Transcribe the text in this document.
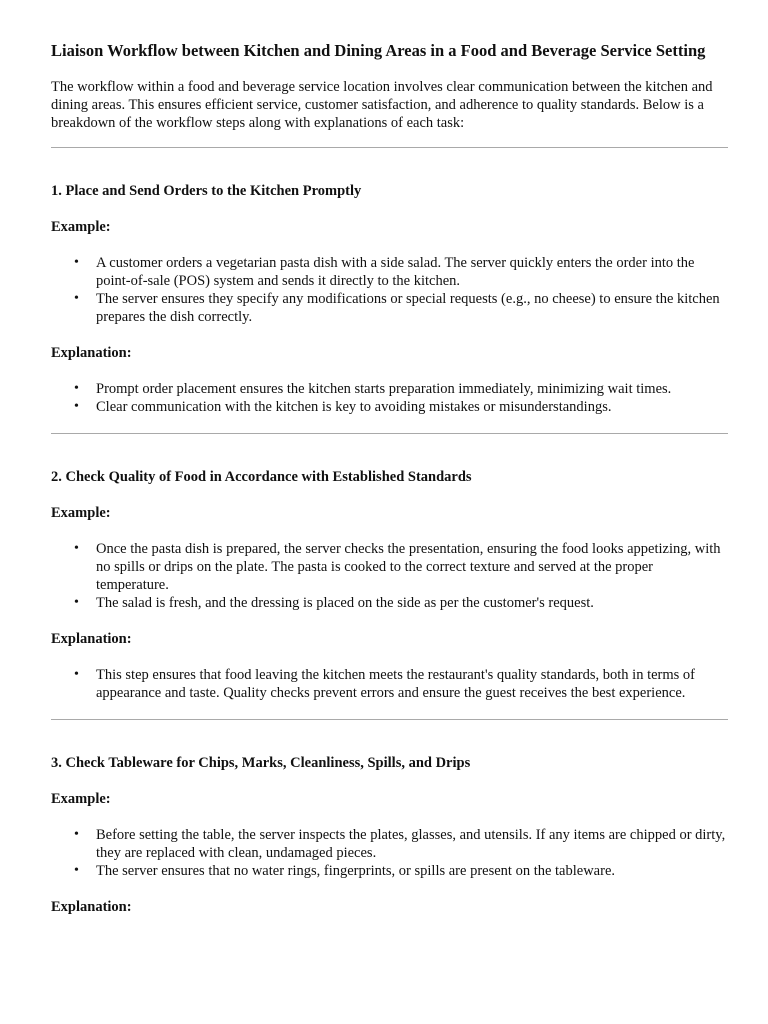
Liaison Workflow between Kitchen and Dining Areas in a Food and Beverage Service Setting

The workflow within a food and beverage service location involves clear communication between the kitchen and dining areas. This ensures efficient service, customer satisfaction, and adherence to quality standards. Below is a breakdown of the workflow steps along with explanations of each task:

1. Place and Send Orders to the Kitchen Promptly
Example:
• A customer orders a vegetarian pasta dish with a side salad. The server quickly enters the order into the point-of-sale (POS) system and sends it directly to the kitchen.
• The server ensures they specify any modifications or special requests (e.g., no cheese) to ensure the kitchen prepares the dish correctly.
Explanation:
• Prompt order placement ensures the kitchen starts preparation immediately, minimizing wait times.
• Clear communication with the kitchen is key to avoiding mistakes or misunderstandings.
2. Check Quality of Food in Accordance with Established Standards
Example:
• Once the pasta dish is prepared, the server checks the presentation, ensuring the food looks appetizing, with no spills or drips on the plate. The pasta is cooked to the correct texture and served at the proper temperature.
• The salad is fresh, and the dressing is placed on the side as per the customer's request.
Explanation:
• This step ensures that food leaving the kitchen meets the restaurant's quality standards, both in terms of appearance and taste. Quality checks prevent errors and ensure the guest receives the best experience.
3. Check Tableware for Chips, Marks, Cleanliness, Spills, and Drips
Example:
• Before setting the table, the server inspects the plates, glasses, and utensils. If any items are chipped or dirty, they are replaced with clean, undamaged pieces.
• The server ensures that no water rings, fingerprints, or spills are present on the tableware.
Explanation:
